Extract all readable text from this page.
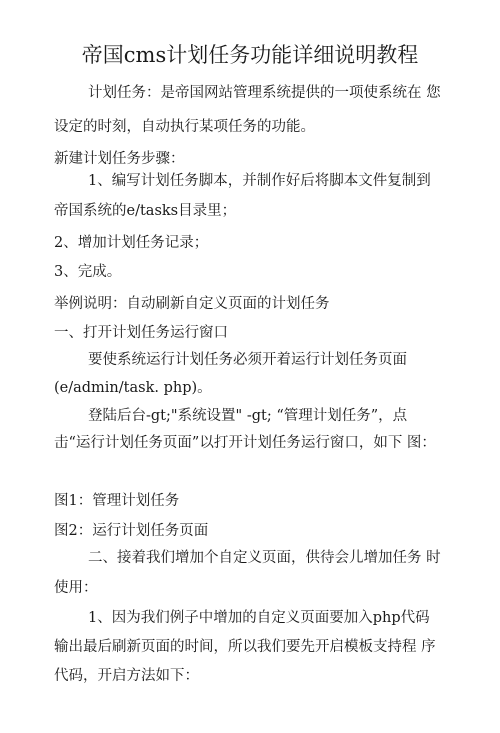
帝国cms计划任务功能详细说明教程
计划任务：是帝国网站管理系统提供的一项使系统在 您
设定的时刻，自动执行某项任务的功能。
新建计划任务步骤：
1、编写计划任务脚本，并制作好后将脚本文件复制到
帝国系统的e/tasks目录里；
2、增加计划任务记录；
3、完成。
举例说明：自动刷新自定义页面的计划任务
一、打开计划任务运行窗口
要使系统运行计划任务必须开着运行计划任务页面
(e/admin/task. php)。
登陆后台-gt;"系统设置" -gt; “管理计划任务”，点
击“运行计划任务页面”以打开计划任务运行窗口，如下 图：
图1：管理计划任务
图2：运行计划任务页面
二、接着我们增加个自定义页面，供待会儿增加任务 时
使用：
1、因为我们例子中增加的自定义页面要加入php代码
输出最后刷新页面的时间，所以我们要先开启模板支持程 序
代码，开启方法如下：
